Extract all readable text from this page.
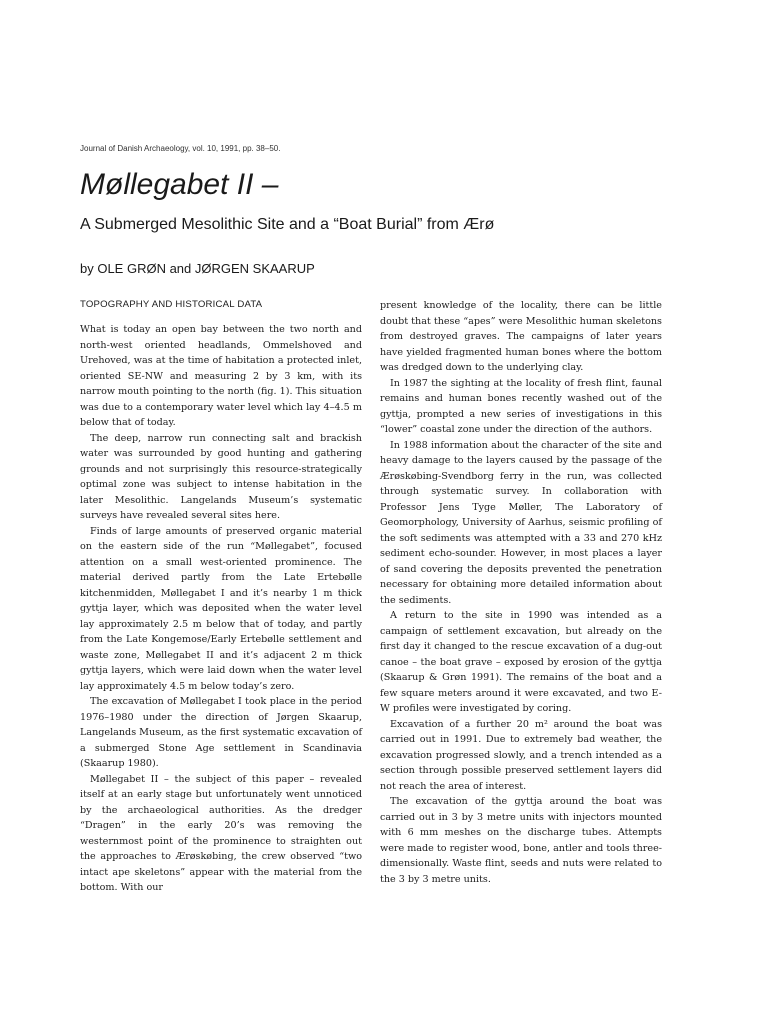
Journal of Danish Archaeology, vol. 10, 1991, pp. 38–50.
Møllegabet II –
A Submerged Mesolithic Site and a “Boat Burial” from Ærø
by OLE GRØN and JØRGEN SKAARUP
TOPOGRAPHY AND HISTORICAL DATA

What is today an open bay between the two north and north-west oriented headlands, Ommelshoved and Urehoved, was at the time of habitation a protected inlet, oriented SE-NW and measuring 2 by 3 km, with its narrow mouth pointing to the north (fig. 1). This situation was due to a contemporary water level which lay 4–4.5 m below that of today.

The deep, narrow run connecting salt and brackish water was surrounded by good hunting and gathering grounds and not surprisingly this resource-strategically optimal zone was subject to intense habitation in the later Mesolithic. Langelands Museum’s systematic surveys have revealed several sites here.

Finds of large amounts of preserved organic material on the eastern side of the run “Møllegabet”, focused attention on a small west-oriented prominence. The material derived partly from the Late Ertebølle kitchenmidden, Møllegabet I and it’s nearby 1 m thick gyttja layer, which was deposited when the water level lay approximately 2.5 m below that of today, and partly from the Late Kongemose/Early Ertebølle settlement and waste zone, Møllegabet II and it’s adjacent 2 m thick gyttja layers, which were laid down when the water level lay approximately 4.5 m below today’s zero.

The excavation of Møllegabet I took place in the period 1976–1980 under the direction of Jørgen Skaarup, Langelands Museum, as the first systematic excavation of a submerged Stone Age settlement in Scandinavia (Skaarup 1980).

Møllegabet II – the subject of this paper – revealed itself at an early stage but unfortunately went unnoticed by the archaeological authorities. As the dredger “Dragen” in the early 20’s was removing the westernmost point of the prominence to straighten out the approaches to Ærøskøbing, the crew observed “two intact ape skeletons” appear with the material from the bottom. With our

present knowledge of the locality, there can be little doubt that these “apes” were Mesolithic human skeletons from destroyed graves. The campaigns of later years have yielded fragmented human bones where the bottom was dredged down to the underlying clay.

In 1987 the sighting at the locality of fresh flint, faunal remains and human bones recently washed out of the gyttja, prompted a new series of investigations in this “lower” coastal zone under the direction of the authors.

In 1988 information about the character of the site and heavy damage to the layers caused by the passage of the Ærøskøbing-Svendborg ferry in the run, was collected through systematic survey. In collaboration with Professor Jens Tyge Møller, The Laboratory of Geomorphology, University of Aarhus, seismic profiling of the soft sediments was attempted with a 33 and 270 kHz sediment echo-sounder. However, in most places a layer of sand covering the deposits prevented the penetration necessary for obtaining more detailed information about the sediments.

A return to the site in 1990 was intended as a campaign of settlement excavation, but already on the first day it changed to the rescue excavation of a dug-out canoe – the boat grave – exposed by erosion of the gyttja (Skaarup & Grøn 1991). The remains of the boat and a few square meters around it were excavated, and two E-W profiles were investigated by coring.

Excavation of a further 20 m² around the boat was carried out in 1991. Due to extremely bad weather, the excavation progressed slowly, and a trench intended as a section through possible preserved settlement layers did not reach the area of interest.

The excavation of the gyttja around the boat was carried out in 3 by 3 metre units with injectors mounted with 6 mm meshes on the discharge tubes. Attempts were made to register wood, bone, antler and tools three-dimensionally. Waste flint, seeds and nuts were related to the 3 by 3 metre units.
